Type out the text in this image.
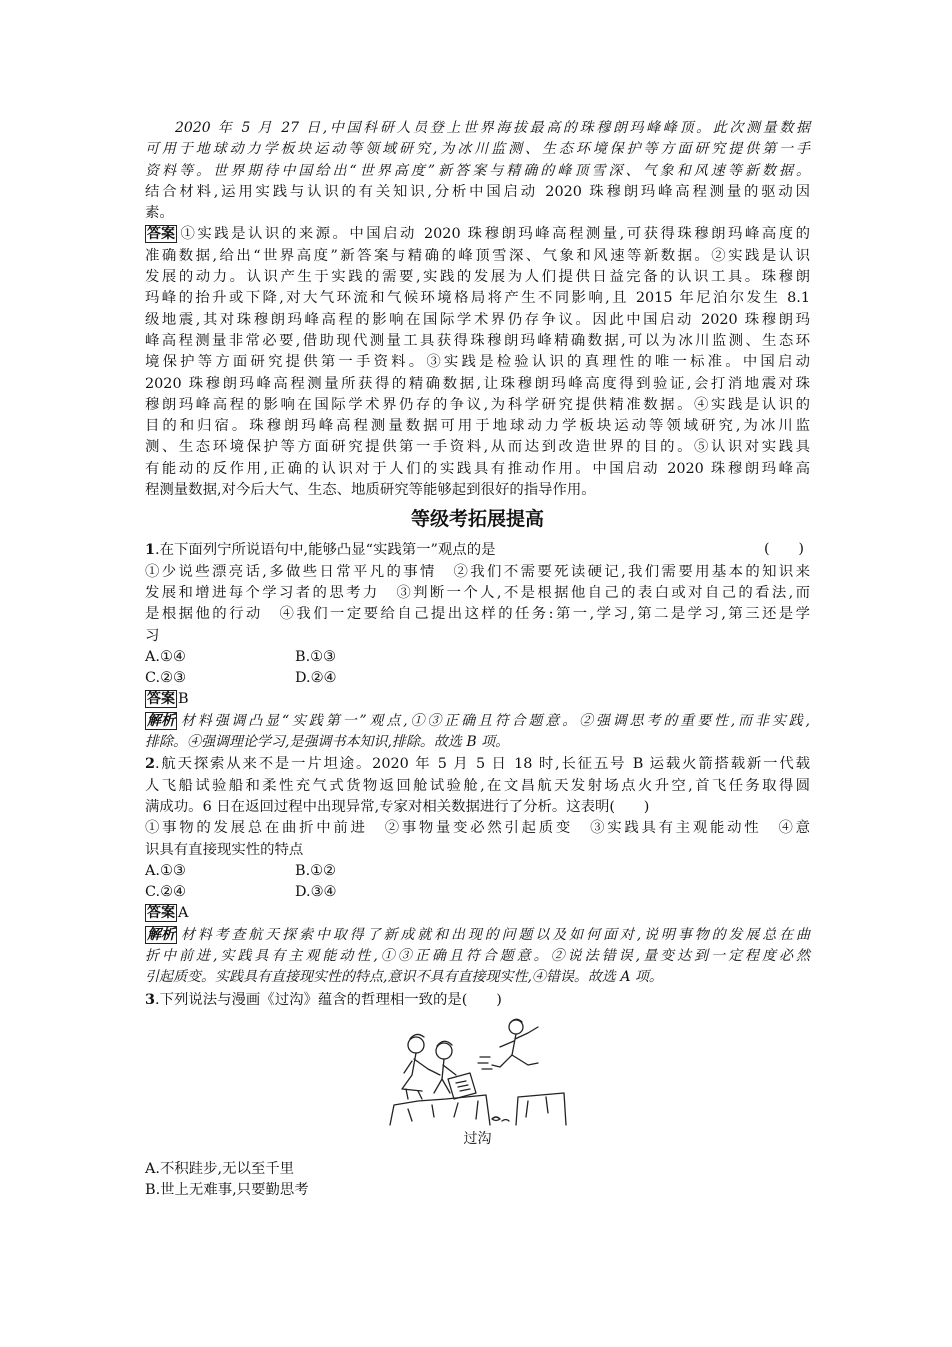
2020 年 5 月 27 日,中国科研人员登上世界海拔最高的珠穆朗玛峰峰顶。此次测量数据

可用于地球动力学板块运动等领域研究,为冰川监测、生态环境保护等方面研究提供第一手

资料等。世界期待中国给出“世界高度”新答案与精确的峰顶雪深、气象和风速等新数据。

结合材料,运用实践与认识的有关知识,分析中国启动 2020 珠穆朗玛峰高程测量的驱动因

素。

答案 ①实践是认识的来源。中国启动 2020 珠穆朗玛峰高程测量,可获得珠穆朗玛峰高度的

准确数据,给出“世界高度”新答案与精确的峰顶雪深、气象和风速等新数据。②实践是认识

发展的动力。认识产生于实践的需要,实践的发展为人们提供日益完备的认识工具。珠穆朗

玛峰的抬升或下降,对大气环流和气候环境格局将产生不同影响,且 2015 年尼泊尔发生 8.1

级地震,其对珠穆朗玛峰高程的影响在国际学术界仍存争议。因此中国启动 2020 珠穆朗玛

峰高程测量非常必要,借助现代测量工具获得珠穆朗玛峰精确数据,可以为冰川监测、生态环

境保护等方面研究提供第一手资料。③实践是检验认识的真理性的唯一标准。中国启动

2020 珠穆朗玛峰高程测量所获得的精确数据,让珠穆朗玛峰高度得到验证,会打消地震对珠

穆朗玛峰高程的影响在国际学术界仍存的争议,为科学研究提供精准数据。④实践是认识的

目的和归宿。珠穆朗玛峰高程测量数据可用于地球动力学板块运动等领域研究,为冰川监

测、生态环境保护等方面研究提供第一手资料,从而达到改造世界的目的。⑤认识对实践具

有能动的反作用,正确的认识对于人们的实践具有推动作用。中国启动 2020 珠穆朗玛峰高

程测量数据,对今后大气、生态、地质研究等能够起到很好的指导作用。

等级考拓展提高

1.在下面列宁所说语句中,能够凸显“实践第一”观点的是	(　　)

①少说些漂亮话,多做些日常平凡的事情　②我们不需要死读硬记,我们需要用基本的知识来

发展和增进每个学习者的思考力　③判断一个人,不是根据他自己的表白或对自己的看法,而

是根据他的行动　④我们一定要给自己提出这样的任务:第一,学习,第二是学习,第三还是学

习

A.①④	B.①③
C.②③	D.②④

答案 B

解析 材料强调凸显“实践第一”观点,①③正确且符合题意。②强调思考的重要性,而非实践,

排除。④强调理论学习,是强调书本知识,排除。故选 B 项。

2.航天探索从来不是一片坦途。2020 年 5 月 5 日 18 时,长征五号 B 运载火箭搭载新一代载

人飞船试验船和柔性充气式货物返回舱试验舱,在文昌航天发射场点火升空,首飞任务取得圆

满成功。6 日在返回过程中出现异常,专家对相关数据进行了分析。这表明(　　)

①事物的发展总在曲折中前进　②事物量变必然引起质变　③实践具有主观能动性　④意

识具有直接现实性的特点

A.①③	B.①②
C.②④	D.③④

答案 A

解析 材料考查航天探索中取得了新成就和出现的问题以及如何面对,说明事物的发展总在曲

折中前进,实践具有主观能动性,①③正确且符合题意。②说法错误,量变达到一定程度必然

引起质变。实践具有直接现实性的特点,意识不具有直接现实性,④错误。故选 A 项。

3.下列说法与漫画《过沟》蕴含的哲理相一致的是(　　)

过沟

A.不积跬步,无以至千里

B.世上无难事,只要勤思考
